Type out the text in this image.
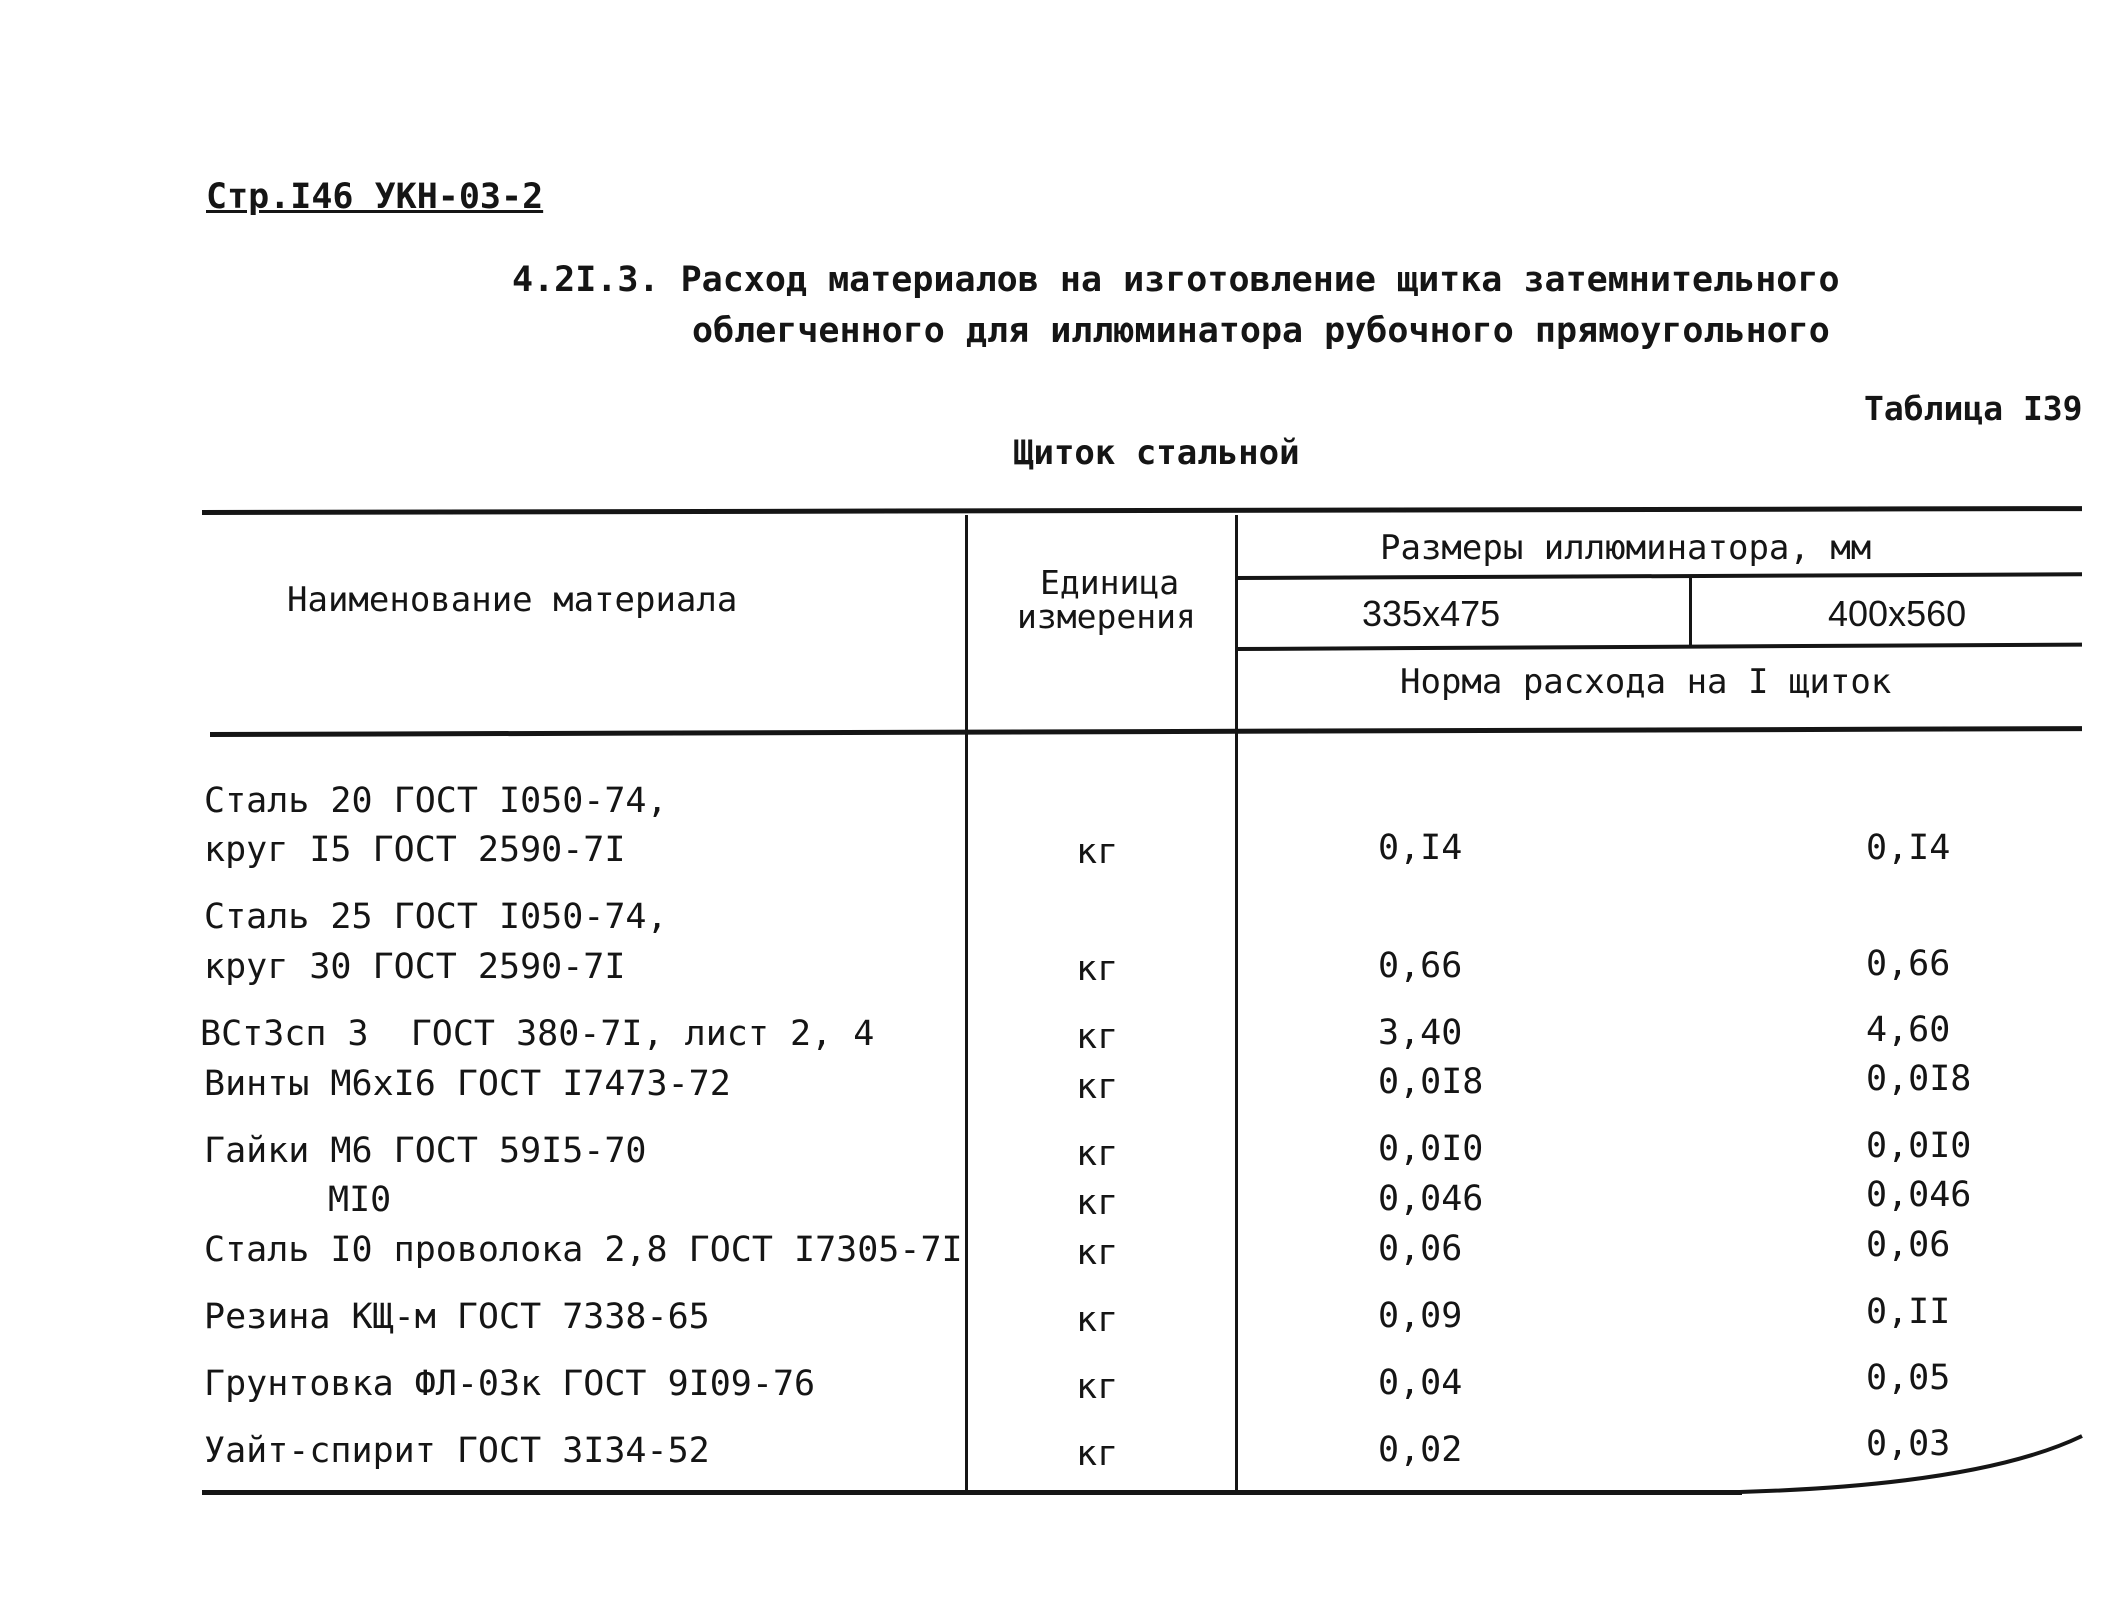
Стр.I46 УКН-03-2
4.2I.3. Расход материалов на изготовление щитка затемнительного
облегченного для иллюминатора рубочного прямоугольного
Таблица I39
Щиток стальной
Наименование материала	Единица
измерения
Размеры иллюминатора, мм
335x475	400x560
Норма расхода на I щиток
Сталь 20 ГОСТ I050-74,
круг I5 ГОСТ 2590-7I	кг	0,I4	0,I4
Сталь 25 ГОСТ I050-74,
круг 30 ГОСТ 2590-7I	кг	0,66	0,66
ВСт3сп 3  ГОСТ 380-7I, лист 2, 4	кг	3,40	4,60
Винты М6xI6 ГОСТ I7473-72	кг	0,0I8	0,0I8
Гайки М6 ГОСТ 59I5-70	кг	0,0I0	0,0I0
МI0	кг	0,046	0,046
Сталь I0 проволока 2,8 ГОСТ I7305-7I	кг	0,06	0,06
Резина КЩ-м ГОСТ 7338-65	кг	0,09	0,II
Грунтовка ФЛ-03к ГОСТ 9I09-76	кг	0,04	0,05
Уайт-спирит ГОСТ 3I34-52	кг	0,02	0,03
